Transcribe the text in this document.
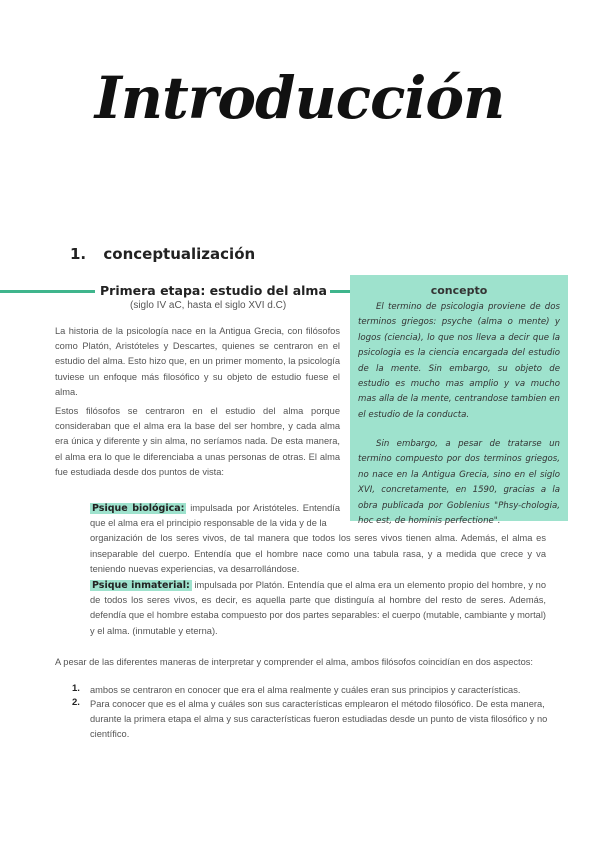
Introducción
1. conceptualización
Primera etapa: estudio del alma
(siglo IV aC, hasta el siglo XVI d.C)

La historia de la psicología nace en la Antigua Grecia, con filósofos como Platón, Aristóteles y Descartes, quienes se centraron en el estudio del alma. Esto hizo que, en un primer momento, la psicología tuviese un enfoque más filosófico y su objeto de estudio fuese el alma.

Estos filósofos se centraron en el estudio del alma porque consideraban que el alma era la base del ser hombre, y cada alma era única y diferente y sin alma, no seríamos nada. De esta manera, el alma era lo que le diferenciaba a unas personas de otras. El alma fue estudiada desde dos puntos de vista:

concepto

El termino de psicologia proviene de dos terminos griegos: psyche (alma o mente) y logos (ciencia), lo que nos lleva a decir que la psicologia es la ciencia encargada del estudio de la mente. Sin embargo, su objeto de estudio es mucho mas amplio y va mucho mas alla de la mente, centrandose tambien en el estudio de la conducta.

Sin embargo, a pesar de tratarse un termino compuesto por dos terminos griegos, no nace en la Antigua Grecia, sino en el siglo XVI, concretamente, en 1590, gracias a la obra publicada por Goblenius "Phsy-chologia, hoc est, de hominis perfectione".

Psique biológica: impulsada por Aristóteles. Entendía que el alma era el principio responsable de la vida y de la
organización de los seres vivos, de tal manera que todos los seres vivos tienen alma. Además, el alma es inseparable del cuerpo. Entendía que el hombre nace como una tabula rasa, y a medida que crece y va teniendo nuevas experiencias, va desarrollándose.
Psique inmaterial: impulsada por Platón. Entendía que el alma era un elemento propio del hombre, y no de todos los seres vivos, es decir, es aquella parte que distinguía al hombre del resto de seres. Además, defendía que el hombre estaba compuesto por dos partes separables: el cuerpo (mutable, cambiante y mortal) y el alma. (inmutable y eterna).

A pesar de las diferentes maneras de interpretar y comprender el alma, ambos filósofos coincidían en dos aspectos:

1. ambos se centraron en conocer que era el alma realmente y cuáles eran sus principios y características.
2. Para conocer que es el alma y cuáles son sus características emplearon el método filosófico. De esta manera, durante la primera etapa el alma y sus características fueron estudiadas desde un punto de vista filosófico y no científico.
